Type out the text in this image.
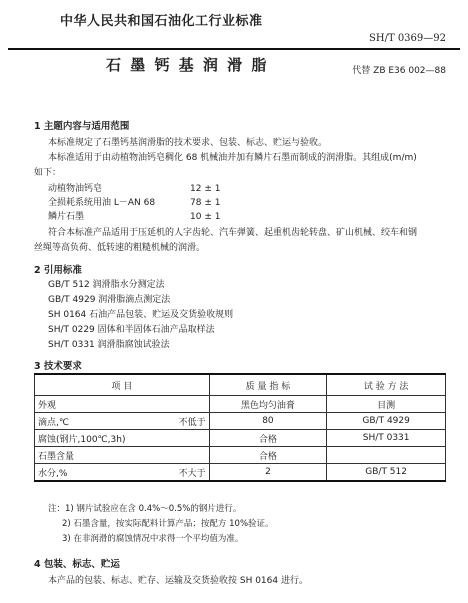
中华人民共和国石油化工行业标准
SH/T 0369—92
石 墨 钙 基 润 滑 脂	代替 ZB E36 002—88
1 主题内容与适用范围
本标准规定了石墨钙基润滑脂的技术要求、包装、标志、贮运与验收。
本标准适用于由动植物油钙皂稠化 68 机械油并加有鳞片石墨而制成的润滑脂。其组成(m/m)
如下：
动植物油钙皂	12 ± 1
全损耗系统用油 L－AN 68	78 ± 1
鳞片石墨	10 ± 1
符合本标准产品适用于压延机的人字齿轮、汽车弹簧、起重机齿轮转盘、矿山机械、绞车和钢
丝绳等高负荷、低转速的粗糙机械的润滑。
2 引用标准
GB/T 512 润滑脂水分测定法
GB/T 4929 润滑脂滴点测定法
SH 0164 石油产品包装、贮运及交货验收规则
SH/T 0229 固体和半固体石油产品取样法
SH/T 0331 润滑脂腐蚀试验法
3 技术要求
项 目		质 量 指 标	试 验 方 法
外观		黑色均匀油膏	目测
滴点,℃	不低于	80	GB/T 4929
腐蚀(钢片,100℃,3h)		合格	SH/T 0331
石墨含量		合格	
水分,%	不大于	2	GB/T 512
注：1) 钢片试验应在含 0.4%～0.5%的钢片进行。
2) 石墨含量，按实际配料计算产品；按配方 10%验证。
3) 在非润滑的腐蚀情况中求得一个平均值为准。
4 包装、标志、贮运
本产品的包装、标志、贮存、运输及交货验收按 SH 0164 进行。
